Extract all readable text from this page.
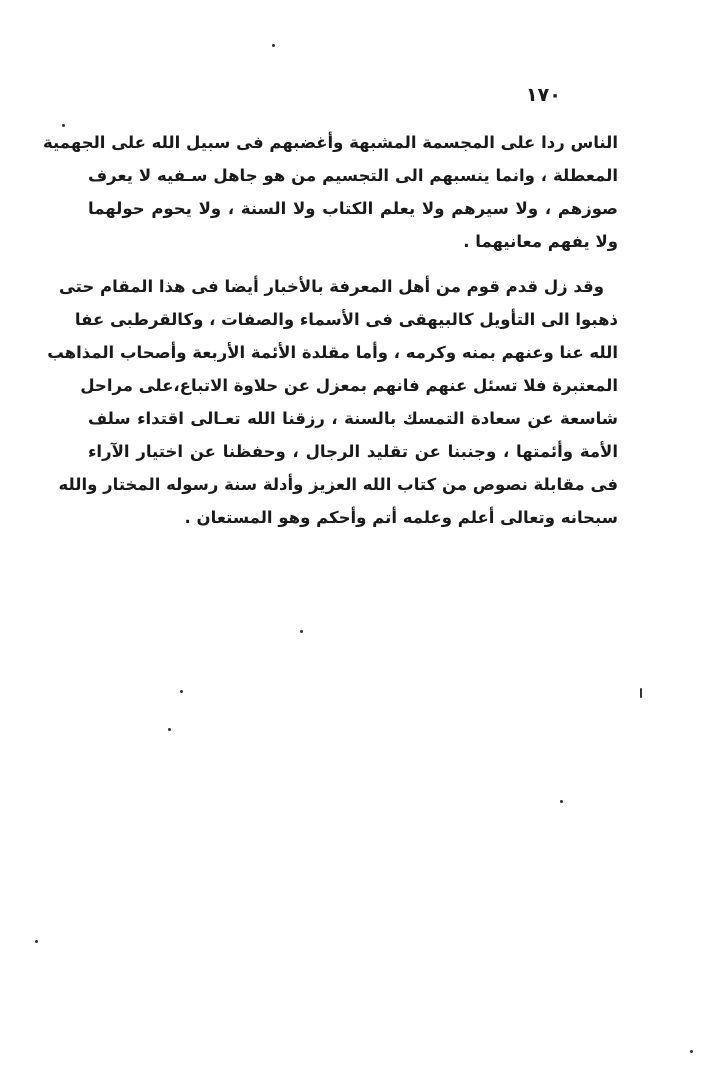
١٧٠

الناس ردا على المجسمة المشبهة وأغضبهم فى سبيل الله على الجهمية
المعطلة ، وانما ينسبهم الى التجسيم من هو جاهل سـفيه لا يعرف
صوزهم ، ولا سيرهم ولا يعلم الكتاب ولا السنة ، ولا يحوم حولهما
ولا يفهم معانيهما .

وقد زل قدم قوم من أهل المعرفة بالأخبار أيضا فى هذا المقام حتى
ذهبوا الى التأويل كالبيهقى فى الأسماء والصفات ، وكالقرطبى عفا
الله عنا وعنهم بمنه وكرمه ، وأما مقلدة الأئمة الأربعة وأصحاب المذاهب
المعتبرة فلا تسئل عنهم فانهم بمعزل عن حلاوة الاتباع،على مراحل
شاسعة عن سعادة التمسك بالسنة ، رزقنا الله تعـالى اقتداء سلف
الأمة وأئمتها ، وجنبنا عن تقليد الرجال ، وحفظنا عن اختيار الآراء
فى مقابلة نصوص من كتاب الله العزيز وأدلة سنة رسوله المختار والله
سبحانه وتعالى أعلم وعلمه أتم وأحكم وهو المستعان .
